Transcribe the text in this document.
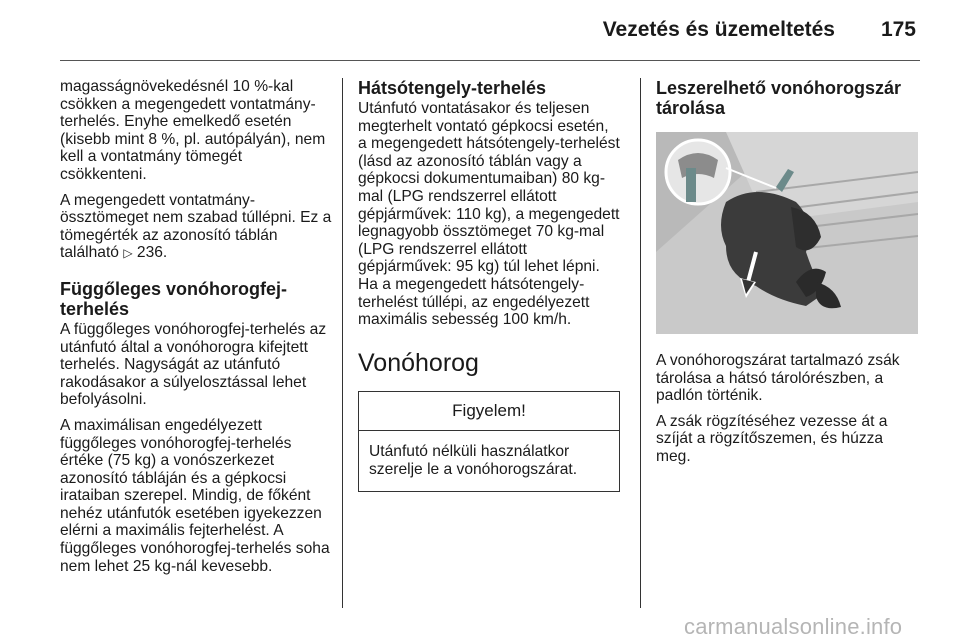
Vezetés és üzemeltetés 175

magasságnövekedésnél 10 %-kal csökken a megengedett vontatmány-terhelés. Enyhe emelkedő esetén (kisebb mint 8 %, pl. autópályán), nem kell a vontatmány tömegét csökkenteni.

A megengedett vontatmány-össztömeget nem szabad túllépni. Ez a tömegérték az azonosító táblán található ▷ 236.

Függőleges vonóhorogfej-terhelés

A függőleges vonóhorogfej-terhelés az utánfutó által a vonóhorogra kifejtett terhelés. Nagyságát az utánfutó rakodásakor a súlyelosztással lehet befolyásolni.

A maximálisan engedélyezett függőleges vonóhorogfej-terhelés értéke (75 kg) a vonószerkezet azonosító tábláján és a gépkocsi irataiban szerepel. Mindig, de főként nehéz utánfutók esetében igyekezzen elérni a maximális fejterhelést. A függőleges vonóhorogfej-terhelés soha nem lehet 25 kg-nál kevesebb.

Hátsótengely-terhelés

Utánfutó vontatásakor és teljesen megterhelt vontató gépkocsi esetén, a megengedett hátsótengely-terhelést (lásd az azonosító táblán vagy a gépkocsi dokumentumaiban) 80 kg-mal (LPG rendszerrel ellátott gépjárművek: 110 kg), a megengedett legnagyobb össztömeget 70 kg-mal (LPG rendszerrel ellátott gépjárművek: 95 kg) túl lehet lépni. Ha a megengedett hátsótengely-terhelést túllépi, az engedélyezett maximális sebesség 100 km/h.

Vonóhorog
Figyelem!
Utánfutó nélküli használatkor szerelje le a vonóhorogszárat.
Leszerelhető vonóhorogszár tárolása

A vonóhorogszárat tartalmazó zsák tárolása a hátsó tárolórészben, a padlón történik.

A zsák rögzítéséhez vezesse át a szíját a rögzítőszemen, és húzza meg.

carmanualsonline.info
